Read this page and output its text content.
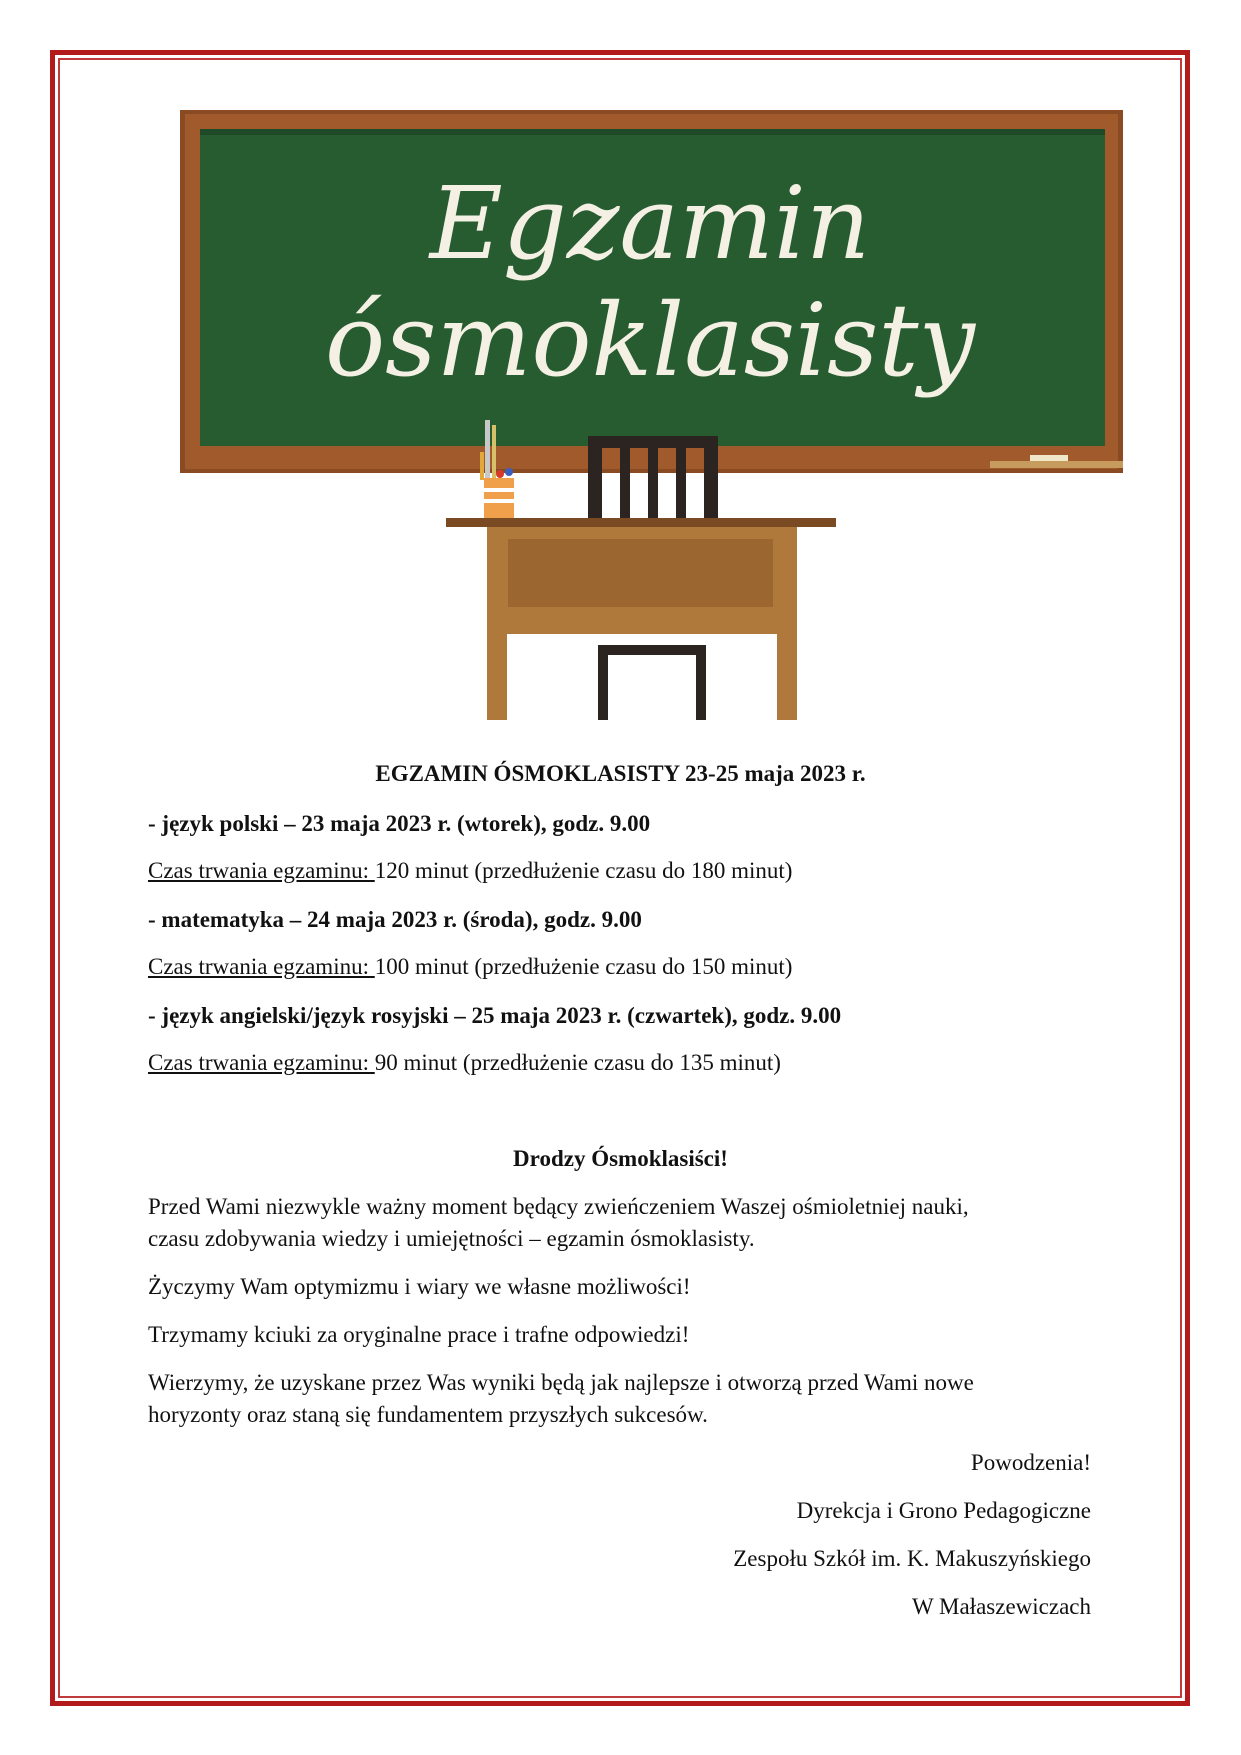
Egzamin
ósmoklasisty
EGZAMIN ÓSMOKLASISTY 23-25 maja 2023 r.
- język polski – 23 maja 2023 r. (wtorek), godz. 9.00
Czas trwania egzaminu: 120 minut (przedłużenie czasu do 180 minut)
- matematyka – 24 maja 2023 r. (środa), godz. 9.00
Czas trwania egzaminu: 100 minut (przedłużenie czasu do 150 minut)
- język angielski/język rosyjski – 25 maja 2023 r. (czwartek), godz. 9.00
Czas trwania egzaminu: 90 minut (przedłużenie czasu do 135 minut)
Drodzy Ósmoklasiści!
Przed Wami niezwykle ważny moment będący zwieńczeniem Waszej ośmioletniej nauki,
czasu zdobywania wiedzy i umiejętności – egzamin ósmoklasisty.
Życzymy Wam optymizmu i wiary we własne możliwości!
Trzymamy kciuki za oryginalne prace i trafne odpowiedzi!
Wierzymy, że uzyskane przez Was wyniki będą jak najlepsze i otworzą przed Wami nowe
horyzonty oraz staną się fundamentem przyszłych sukcesów.
Powodzenia!
Dyrekcja i Grono Pedagogiczne
Zespołu Szkół im. K. Makuszyńskiego
W Małaszewiczach
